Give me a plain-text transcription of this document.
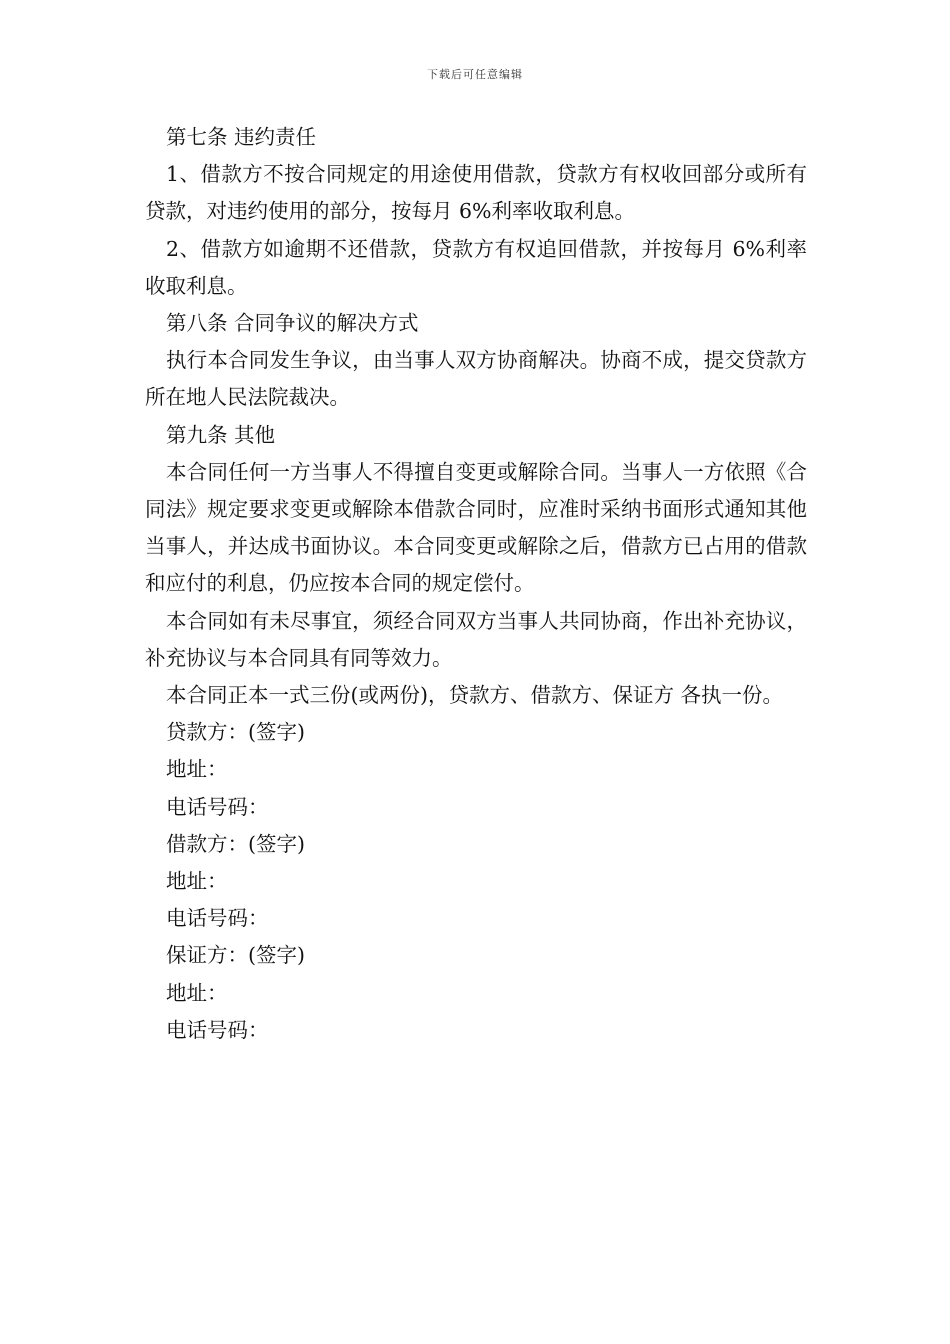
下载后可任意编辑

第七条 违约责任

1、借款方不按合同规定的用途使用借款，贷款方有权收回部分或所有贷款，对违约使用的部分，按每月 6%利率收取利息。

2、借款方如逾期不还借款，贷款方有权追回借款，并按每月 6%利率收取利息。

第八条 合同争议的解决方式

执行本合同发生争议，由当事人双方协商解决。协商不成，提交贷款方所在地人民法院裁决。

第九条 其他

本合同任何一方当事人不得擅自变更或解除合同。当事人一方依照《合同法》规定要求变更或解除本借款合同时，应准时采纳书面形式通知其他当事人，并达成书面协议。本合同变更或解除之后，借款方已占用的借款和应付的利息，仍应按本合同的规定偿付。

本合同如有未尽事宜，须经合同双方当事人共同协商，作出补充协议，补充协议与本合同具有同等效力。

本合同正本一式三份(或两份)，贷款方、借款方、保证方 各执一份。

贷款方：(签字)

地址：

电话号码：

借款方：(签字)

地址：

电话号码：

保证方：(签字)

地址：

电话号码：
